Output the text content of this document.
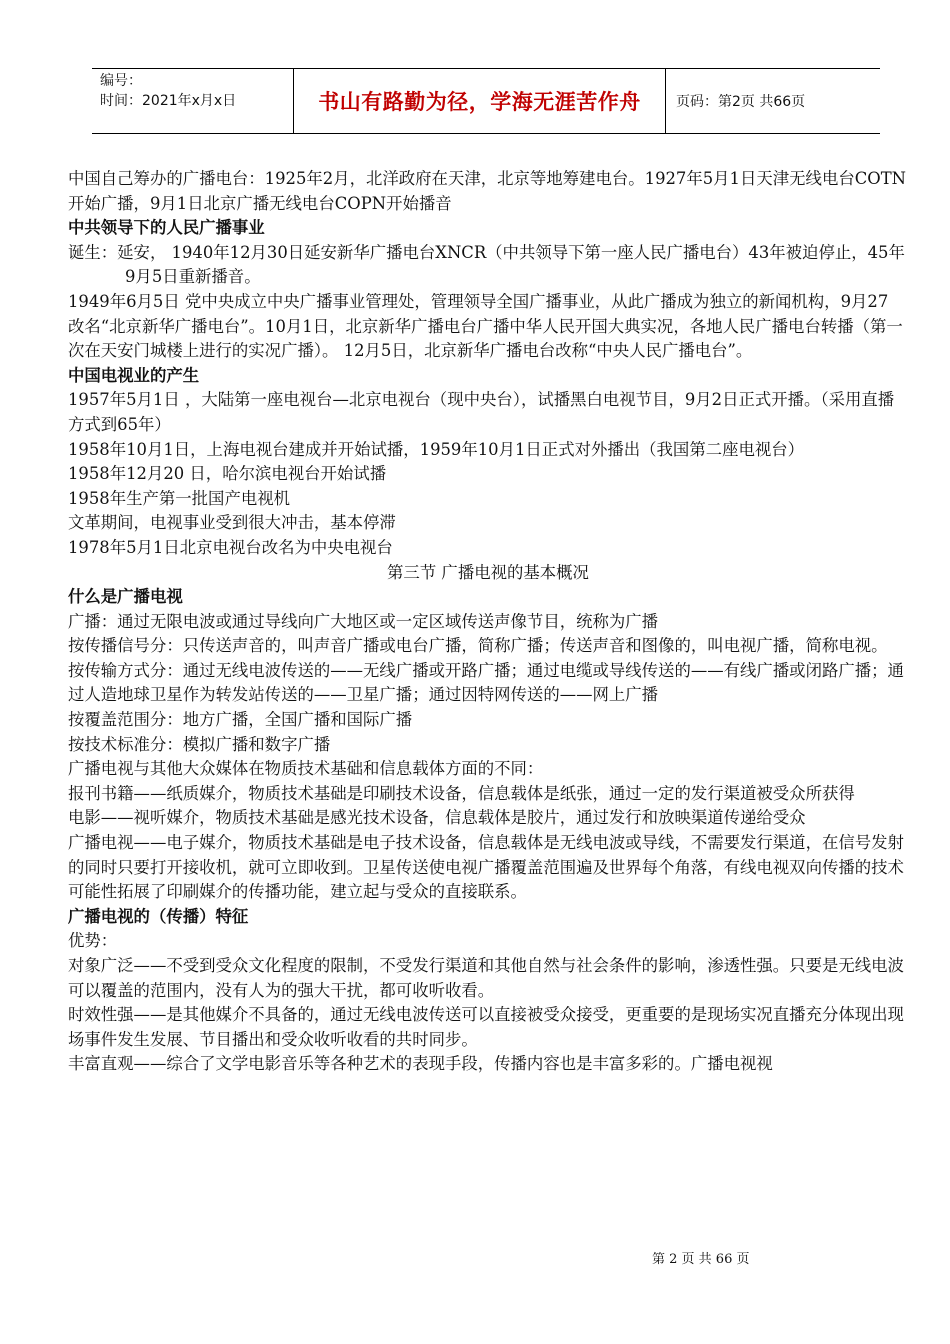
编号：
时间：2021年x月x日	书山有路勤为径，学海无涯苦作舟	页码：第2页 共66页
中国自己筹办的广播电台：1925年2月，北洋政府在天津，北京等地筹建电台。1927年5月1日天津无线电台COTN开始广播，9月1日北京广播无线电台COPN开始播音
中共领导下的人民广播事业
诞生：延安， 1940年12月30日延安新华广播电台XNCR（中共领导下第一座人民广播电台）43年被迫停止，45年9月5日重新播音。
1949年6月5日 党中央成立中央广播事业管理处，管理领导全国广播事业，从此广播成为独立的新闻机构，9月27 改名“北京新华广播电台”。10月1日，北京新华广播电台广播中华人民开国大典实况，各地人民广播电台转播（第一次在天安门城楼上进行的实况广播）。 12月5日，北京新华广播电台改称“中央人民广播电台”。
中国电视业的产生
1957年5月1日 ，大陆第一座电视台—北京电视台（现中央台），试播黑白电视节目，9月2日正式开播。（采用直播方式到65年）
1958年10月1日，上海电视台建成并开始试播，1959年10月1日正式对外播出（我国第二座电视台）
1958年12月20 日，哈尔滨电视台开始试播
1958年生产第一批国产电视机
文革期间，电视事业受到很大冲击，基本停滞
1978年5月1日北京电视台改名为中央电视台
第三节 广播电视的基本概况
什么是广播电视
广播：通过无限电波或通过导线向广大地区或一定区域传送声像节目，统称为广播
按传播信号分：只传送声音的，叫声音广播或电台广播，简称广播；传送声音和图像的，叫电视广播，简称电视。
按传输方式分：通过无线电波传送的——无线广播或开路广播；通过电缆或导线传送的——有线广播或闭路广播；通过人造地球卫星作为转发站传送的——卫星广播；通过因特网传送的——网上广播
按覆盖范围分：地方广播，全国广播和国际广播
按技术标准分：模拟广播和数字广播
广播电视与其他大众媒体在物质技术基础和信息载体方面的不同：
报刊书籍——纸质媒介，物质技术基础是印刷技术设备，信息载体是纸张，通过一定的发行渠道被受众所获得
电影——视听媒介，物质技术基础是感光技术设备，信息载体是胶片，通过发行和放映渠道传递给受众
广播电视——电子媒介，物质技术基础是电子技术设备，信息载体是无线电波或导线，不需要发行渠道，在信号发射的同时只要打开接收机，就可立即收到。卫星传送使电视广播覆盖范围遍及世界每个角落，有线电视双向传播的技术可能性拓展了印刷媒介的传播功能，建立起与受众的直接联系。
广播电视的（传播）特征
优势：
对象广泛——不受到受众文化程度的限制，不受发行渠道和其他自然与社会条件的影响，渗透性强。只要是无线电波可以覆盖的范围内，没有人为的强大干扰，都可收听收看。
时效性强——是其他媒介不具备的，通过无线电波传送可以直接被受众接受，更重要的是现场实况直播充分体现出现场事件发生发展、节目播出和受众收听收看的共时同步。
丰富直观——综合了文学电影音乐等各种艺术的表现手段，传播内容也是丰富多彩的。广播电视视
第 2 页 共 66 页
